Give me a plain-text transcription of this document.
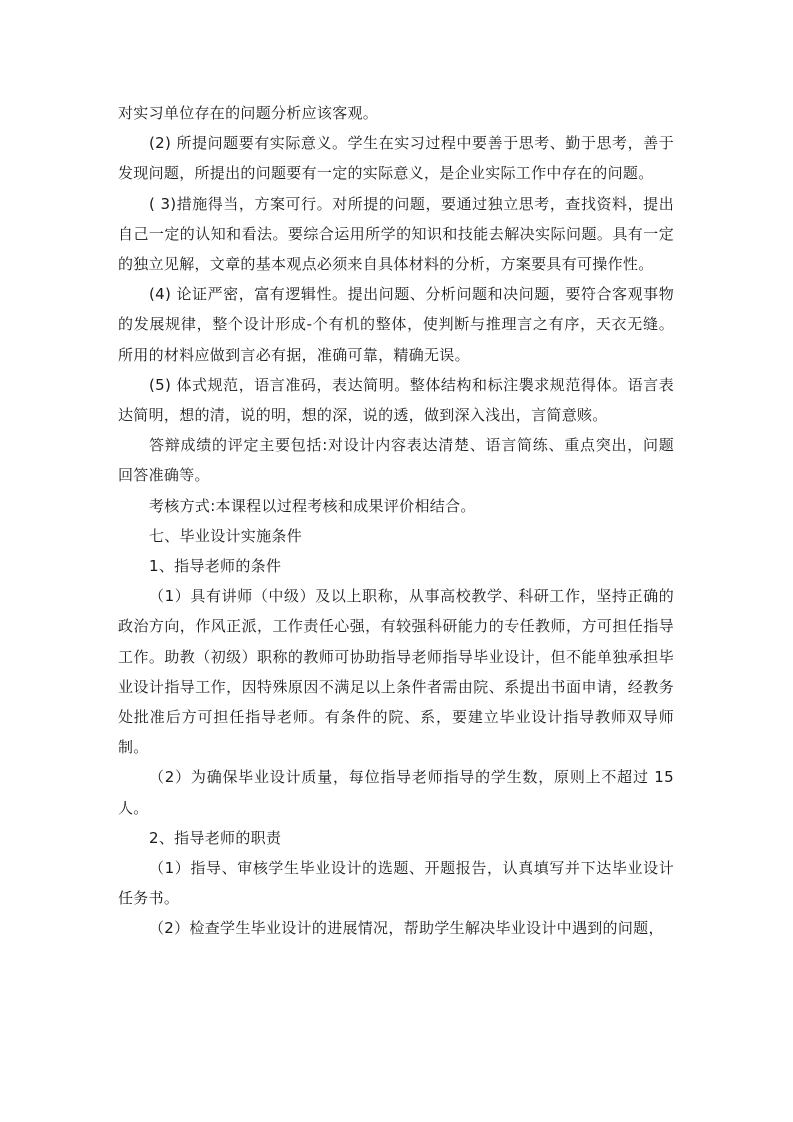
对实习单位存在的问题分析应该客观。

(2) 所提问题要有实际意义。学生在实习过程中要善于思考、勤于思考，善于发现问题，所提出的问题要有一定的实际意义，是企业实际工作中存在的问题。

( 3)措施得当，方案可行。对所提的问题，要通过独立思考，查找资料，提出自己一定的认知和看法。要综合运用所学的知识和技能去解决实际问题。具有一定的独立见解，文章的基本观点必须来自具体材料的分析，方案要具有可操作性。

(4) 论证严密，富有逻辑性。提出问题、分析问题和决问题，要符合客观事物的发展规律，整个设计形成-个有机的整体，使判断与推理言之有序，天衣无缝。所用的材料应做到言必有据，准确可靠，精确无误。

(5) 体式规范，语言准码，表达简明。整体结构和标注褜求规范得体。语言表达简明，想的清，说的明，想的深，说的透，做到深入浅出，言简意赅。

答辩成绩的评定主要包括:对设计内容表达清楚、语言简练、重点突出，问题回答准确等。

考核方式:本课程以过程考核和成果评价相结合。

七、毕业设计实施条件

1、指导老师的条件

（1）具有讲师（中级）及以上职称，从事高校教学、科研工作，坚持正确的政治方向，作风正派，工作责任心强，有较强科研能力的专任教师，方可担任指导工作。助教（初级）职称的教师可协助指导老师指导毕业设计，但不能单独承担毕业设计指导工作，因特殊原因不满足以上条件者需由院、系提出书面申请，经教务处批准后方可担任指导老师。有条件的院、系，要建立毕业设计指导教师双导师制。

（2）为确保毕业设计质量，每位指导老师指导的学生数，原则上不超过 15人。

2、指导老师的职责

（1）指导、审核学生毕业设计的选题、开题报告，认真填写并下达毕业设计任务书。

（2）检查学生毕业设计的进展情况，帮助学生解决毕业设计中遇到的问题，
